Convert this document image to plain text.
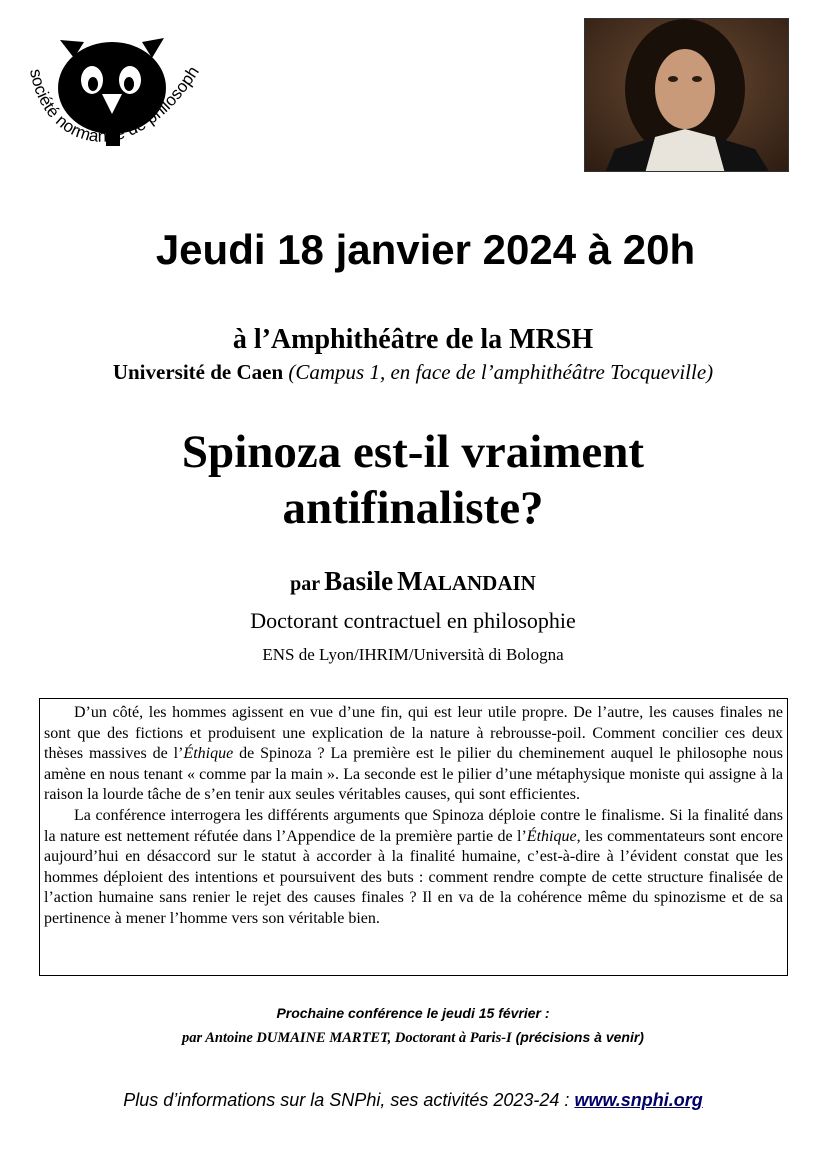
société normande de philosoph
Jeudi 18 janvier 2024 à 20h
à l’Amphithéâtre de la MRSH
Université de Caen (Campus 1, en face de l’amphithéâtre Tocqueville)
Spinoza est-il vraiment
antifinaliste?
par Basile MALANDAIN
Doctorant contractuel en philosophie
ENS de Lyon/IHRIM/Università di Bologna

D’un côté, les hommes agissent en vue d’une fin, qui est leur utile propre. De l’autre, les causes finales ne sont que des fictions et produisent une explication de la nature à rebrousse-poil. Comment concilier ces deux thèses massives de l’Éthique de Spinoza ? La première est le pilier du cheminement auquel le philosophe nous amène en nous tenant « comme par la main ». La seconde est le pilier d’une métaphysique moniste qui assigne à la raison la lourde tâche de s’en tenir aux seules véritables causes, qui sont efficientes.

La conférence interrogera les différents arguments que Spinoza déploie contre le finalisme. Si la finalité dans la nature est nettement réfutée dans l’Appendice de la première partie de l’Éthique, les commentateurs sont encore aujourd’hui en désaccord sur le statut à accorder à la finalité humaine, c’est-à-dire à l’évident constat que les hommes déploient des intentions et poursuivent des buts : comment rendre compte de cette structure finalisée de l’action humaine sans renier le rejet des causes finales ? Il en va de la cohérence même du spinozisme et de sa pertinence à mener l’homme vers son véritable bien.

Prochaine conférence le jeudi 15 février :
par Antoine DUMAINE MARTET, Doctorant à Paris-I (précisions à venir)
Plus d’informations sur la SNPhi, ses activités 2023-24 : www.snphi.org
